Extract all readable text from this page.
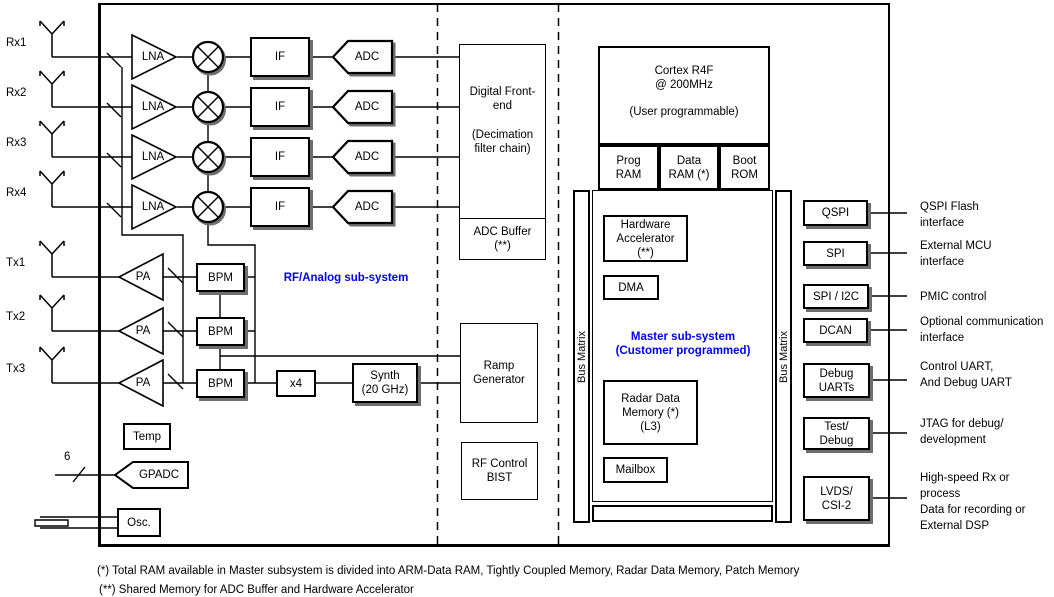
Rx1
Rx2
Rx3
Rx4
Tx1
Tx2
Tx3
LNA
LNA
LNA
LNA
PA
PA
PA
IF
IF
IF
IF
ADC
ADC
ADC
ADC
BPM
BPM
BPM	x4
Synth
(20 GHz)
RF/Analog sub-system
Temp
GPADC
6
Osc.
Digital Front-
end
(Decimation
filter chain)
ADC Buffer
(**)
Ramp
Generator
RF Control
BIST
Cortex R4F
@ 200MHz
(User programmable)
Prog
RAM
Data
RAM (*)
Boot
ROM
Bus Matrix	Bus Matrix
Hardware
Accelerator
(**)
DMA
Master sub-system
(Customer programmed)
Radar Data
Memory (*)
(L3)
Mailbox
QSPI
SPI
SPI / I2C
DCAN
Debug
UARTs
Test/
Debug
LVDS/
CSI-2
QSPI Flash
interface
External MCU
interface
PMIC control
Optional communication
interface
Control UART,
And Debug UART
JTAG for debug/
development
High-speed Rx or
process
Data for recording or
External DSP
(*) Total RAM available in Master subsystem is divided into ARM-Data RAM, Tightly Coupled Memory, Radar Data Memory, Patch Memory
(**) Shared Memory for ADC Buffer and Hardware Accelerator
